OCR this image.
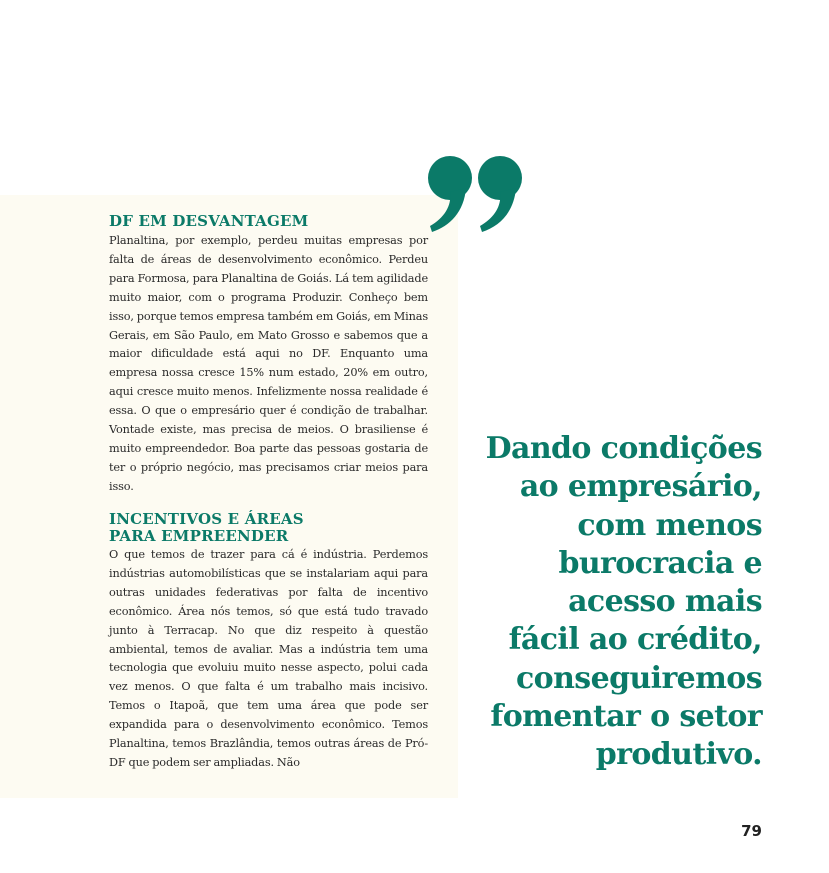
DF EM DESVANTAGEM

Planaltina, por exemplo, perdeu muitas empresas por falta de áreas de desenvolvimento econômico. Perdeu para Formosa, para Planaltina de Goiás. Lá tem agilidade muito maior, com o programa Produzir. Conheço bem isso, porque temos empresa também em Goiás, em Minas Gerais, em São Paulo, em Mato Grosso e sabemos que a maior dificuldade está aqui no DF. Enquanto uma empresa nossa cresce 15% num estado, 20% em outro, aqui cresce muito menos. Infelizmente nossa realidade é essa. O que o empresário quer é condição de trabalhar. Vontade existe, mas precisa de meios. O brasiliense é muito empreendedor. Boa parte das pessoas gostaria de ter o próprio negócio, mas precisamos criar meios para isso.

INCENTIVOS E ÁREAS PARA EMPREENDER

O que temos de trazer para cá é indústria. Perdemos indústrias automobilísticas que se instalariam aqui para outras unidades federativas por falta de incentivo econômico. Área nós temos, só que está tudo travado junto à Terracap. No que diz respeito à questão ambiental, temos de avaliar. Mas a indústria tem uma tecnologia que evoluiu muito nesse aspecto, polui cada vez menos. O que falta é um trabalho mais incisivo. Temos o Itapoã, que tem uma área que pode ser expandida para o desenvolvimento econômico. Temos Planaltina, temos Brazlândia, temos outras áreas de Pró-DF que podem ser ampliadas. Não

Dando condições
ao empresário,
com menos
burocracia e
acesso mais
fácil ao crédito,
conseguiremos
fomentar o setor
produtivo.

79
